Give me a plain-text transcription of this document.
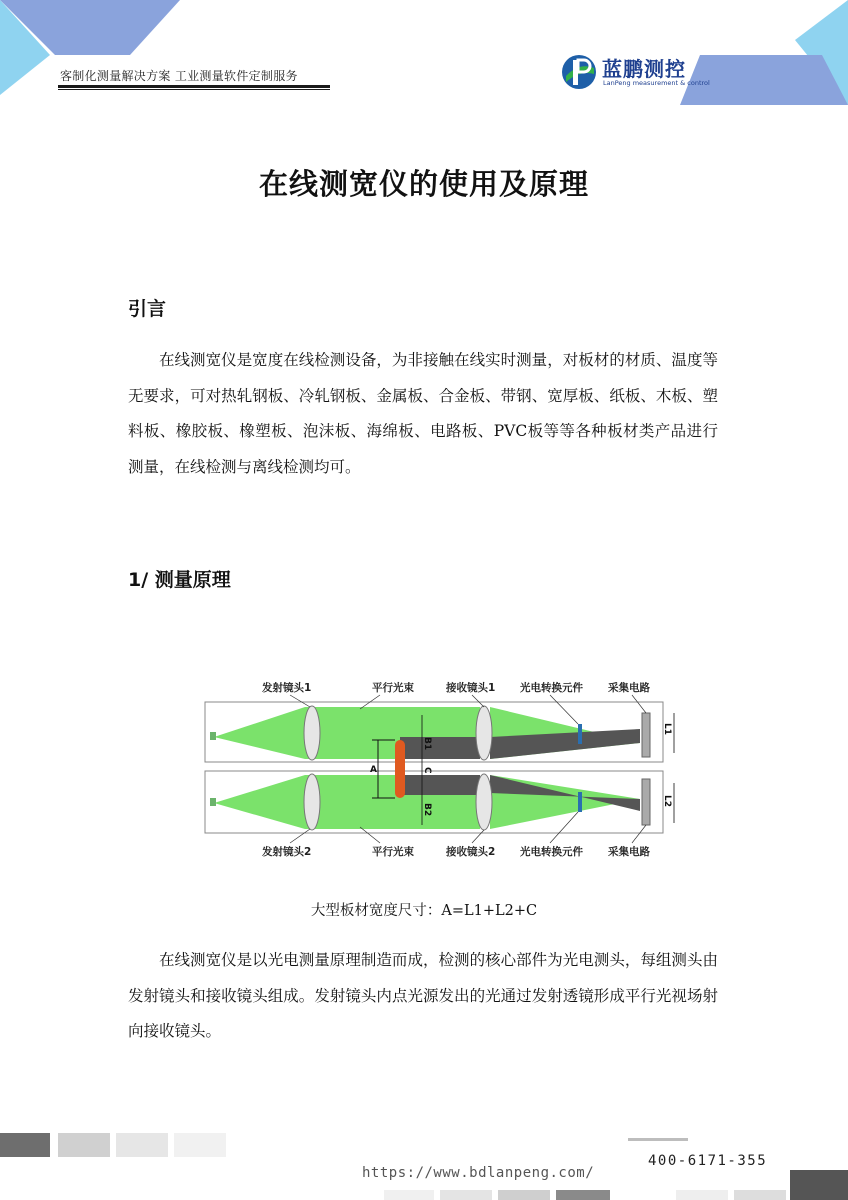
客制化测量解决方案 工业测量软件定制服务	蓝鹏测控
LanPeng measurement & control
在线测宽仪的使用及原理
引言

在线测宽仪是宽度在线检测设备，为非接触在线实时测量，对板材的材质、温度等无要求，可对热轧钢板、冷轧钢板、金属板、合金板、带钢、宽厚板、纸板、木板、塑料板、橡胶板、橡塑板、泡沫板、海绵板、电路板、PVC板等等各种板材类产品进行测量，在线检测与离线检测均可。

1/ 测量原理
A
B1
C
B2
L1
L2
发射镜头1	平行光束	接收镜头1 光电转换元件 采集电路
发射镜头2	平行光束	接收镜头2 光电转换元件 采集电路
大型板材宽度尺寸：A=L1+L2+C

在线测宽仪是以光电测量原理制造而成，检测的核心部件为光电测头，每组测头由发射镜头和接收镜头组成。发射镜头内点光源发出的光通过发射透镜形成平行光视场射向接收镜头。

https://www.bdlanpeng.com/
400-6171-355
